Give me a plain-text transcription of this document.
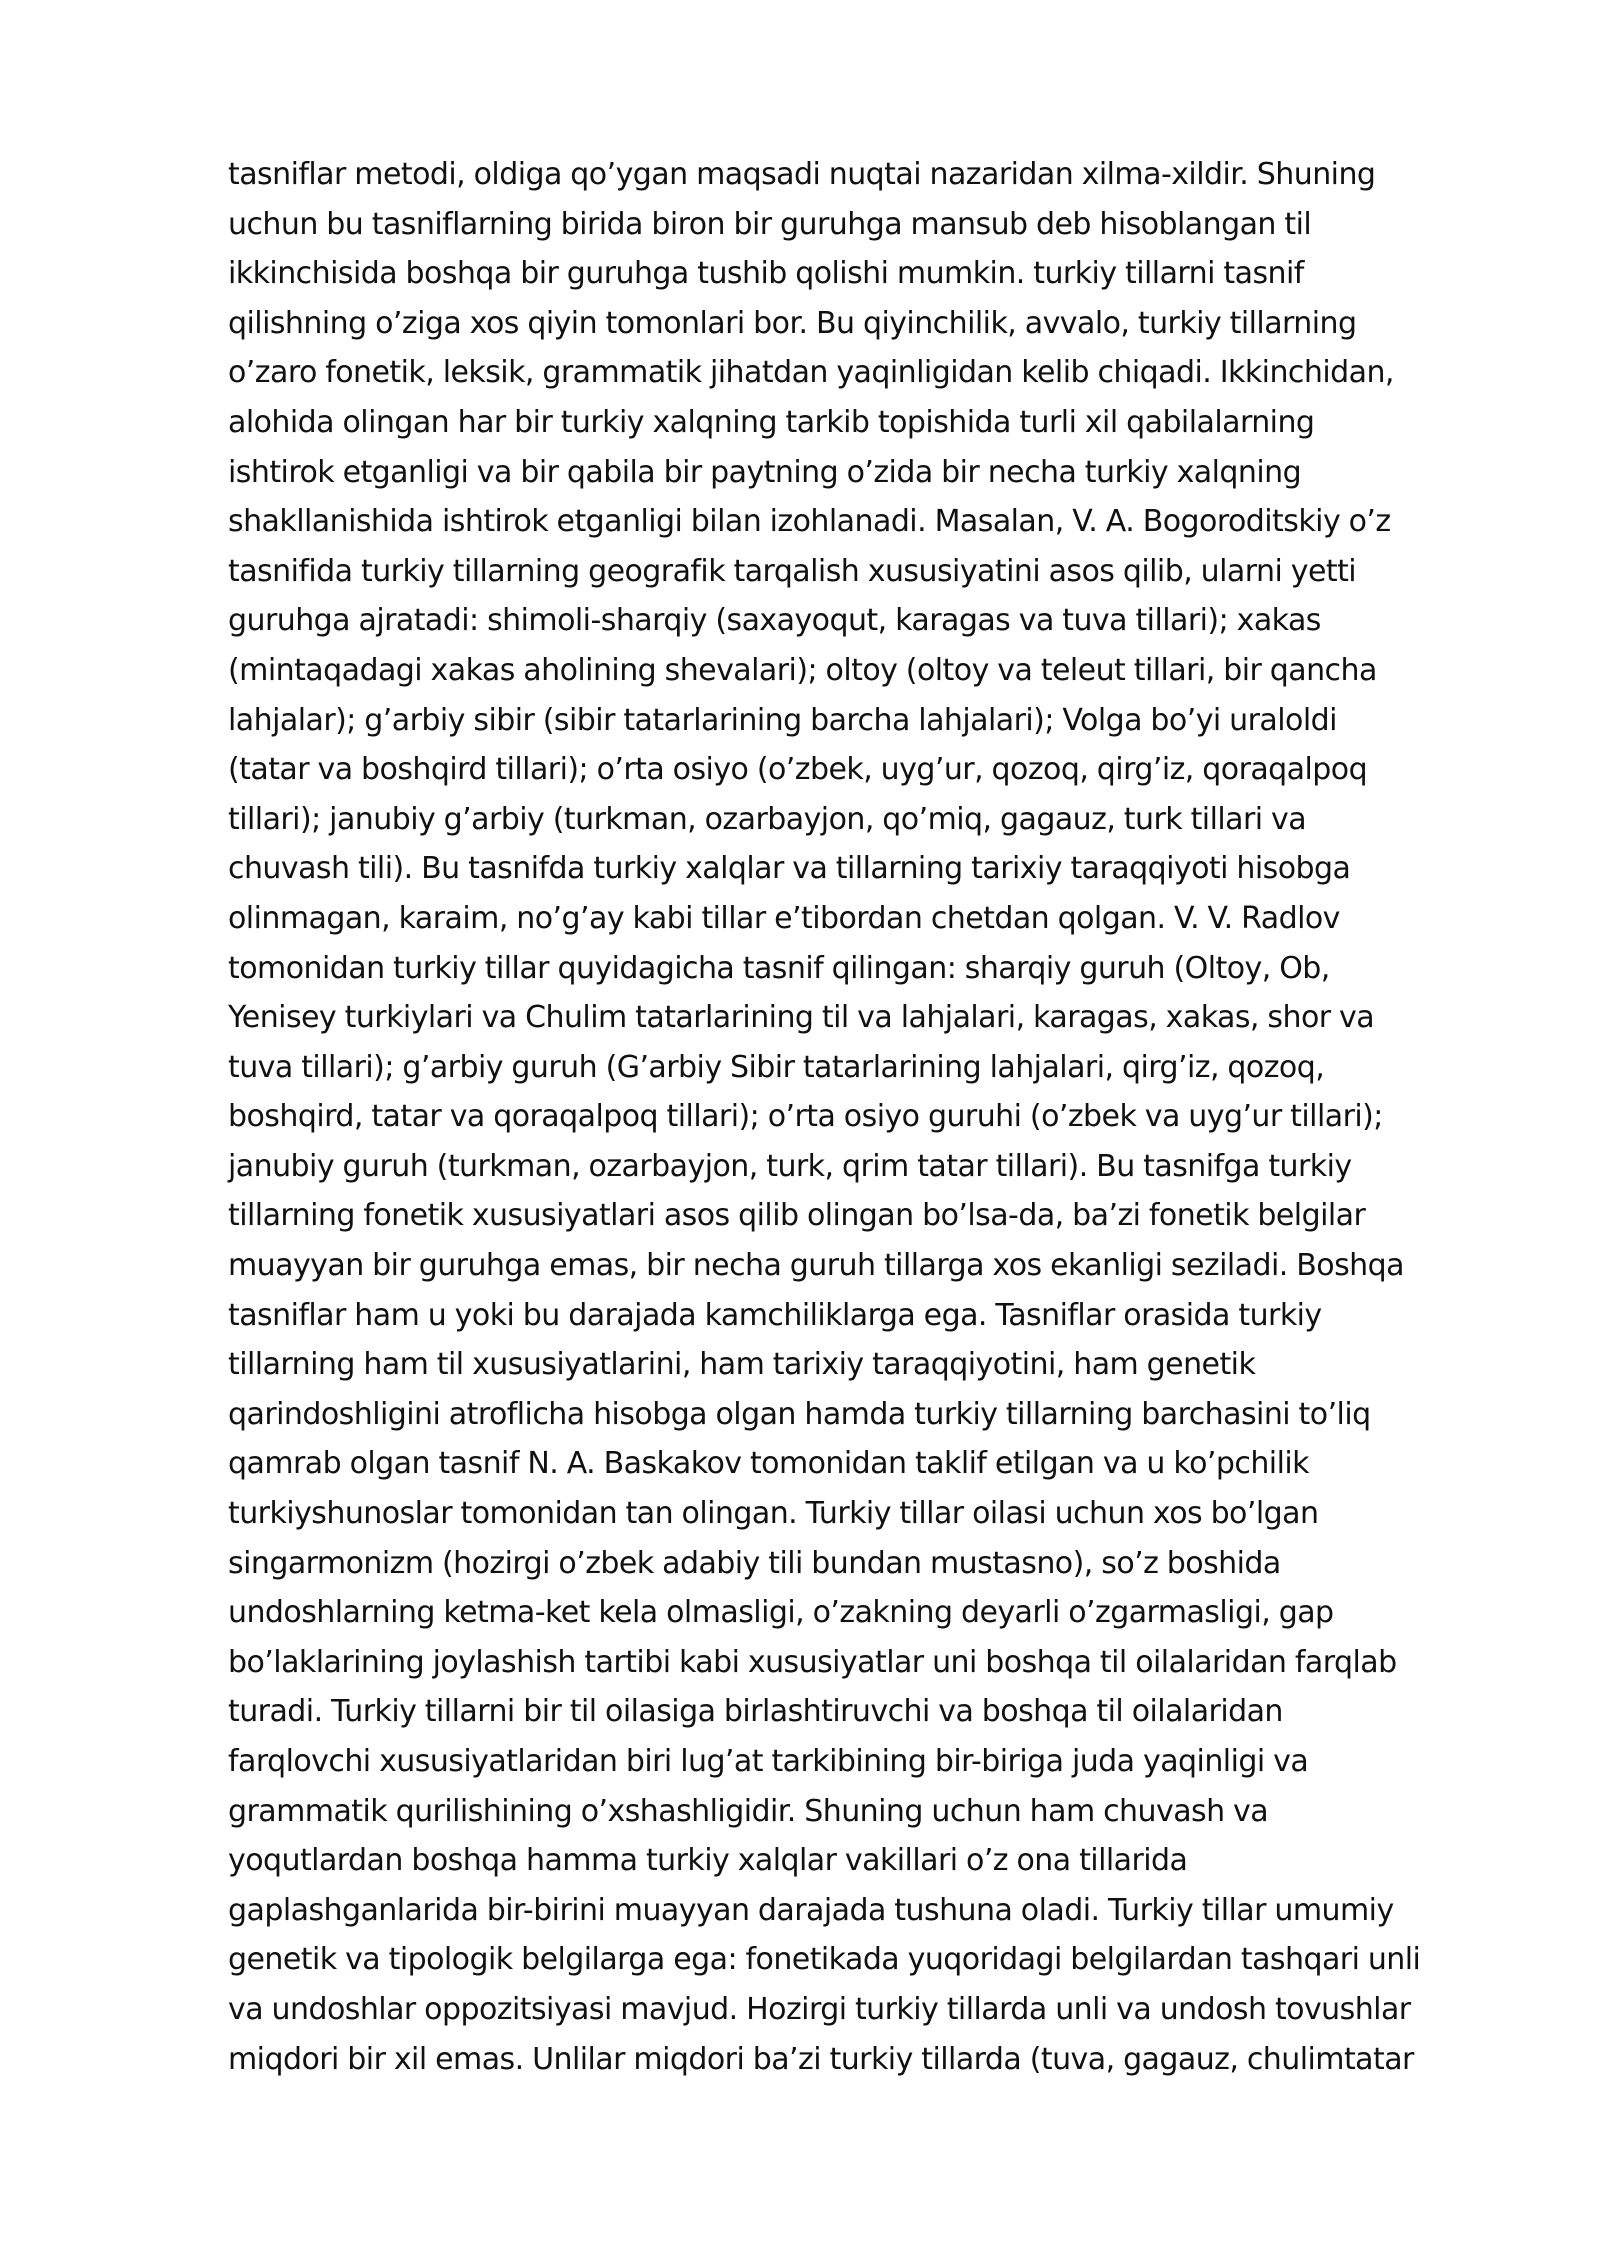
tasniflar metodi, oldiga qo’ygan maqsadi nuqtai nazaridan xilma-xildir. Shuning
uchun bu tasniflarning birida biron bir guruhga mansub deb hisoblangan til
ikkinchisida boshqa bir guruhga tushib qolishi mumkin. turkiy tillarni tasnif
qilishning o’ziga xos qiyin tomonlari bor. Bu qiyinchilik, avvalo, turkiy tillarning
o’zaro fonetik, leksik, grammatik jihatdan yaqinligidan kelib chiqadi. Ikkinchidan,
alohida olingan har bir turkiy xalqning tarkib topishida turli xil qabilalarning
ishtirok etganligi va bir qabila bir paytning o’zida bir necha turkiy xalqning
shakllanishida ishtirok etganligi bilan izohlanadi. Masalan, V. A. Bogoroditskiy o’z
tasnifida turkiy tillarning geografik tarqalish xususiyatini asos qilib, ularni yetti
guruhga ajratadi: shimoli-sharqiy (saxayoqut, karagas va tuva tillari); xakas
(mintaqadagi xakas aholining shevalari); oltoy (oltoy va teleut tillari, bir qancha
lahjalar); g’arbiy sibir (sibir tatarlarining barcha lahjalari); Volga bo’yi uraloldi
(tatar va boshqird tillari); o’rta osiyo (o’zbek, uyg’ur, qozoq, qirg’iz, qoraqalpoq
tillari); janubiy g’arbiy (turkman, ozarbayjon, qo’miq, gagauz, turk tillari va
chuvash tili). Bu tasnifda turkiy xalqlar va tillarning tarixiy taraqqiyoti hisobga
olinmagan, karaim, no’g’ay kabi tillar e’tibordan chetdan qolgan. V. V. Radlov
tomonidan turkiy tillar quyidagicha tasnif qilingan: sharqiy guruh (Oltoy, Ob,
Yenisey turkiylari va Chulim tatarlarining til va lahjalari, karagas, xakas, shor va
tuva tillari); g’arbiy guruh (G’arbiy Sibir tatarlarining lahjalari, qirg’iz, qozoq,
boshqird, tatar va qoraqalpoq tillari); o’rta osiyo guruhi (o’zbek va uyg’ur tillari);
janubiy guruh (turkman, ozarbayjon, turk, qrim tatar tillari). Bu tasnifga turkiy
tillarning fonetik xususiyatlari asos qilib olingan bo’lsa-da, ba’zi fonetik belgilar
muayyan bir guruhga emas, bir necha guruh tillarga xos ekanligi seziladi. Boshqa
tasniflar ham u yoki bu darajada kamchiliklarga ega. Tasniflar orasida turkiy
tillarning ham til xususiyatlarini, ham tarixiy taraqqiyotini, ham genetik
qarindoshligini atroflicha hisobga olgan hamda turkiy tillarning barchasini to’liq
qamrab olgan tasnif N. A. Baskakov tomonidan taklif etilgan va u ko’pchilik
turkiyshunoslar tomonidan tan olingan. Turkiy tillar oilasi uchun xos bo’lgan
singarmonizm (hozirgi o’zbek adabiy tili bundan mustasno), so’z boshida
undoshlarning ketma-ket kela olmasligi, o’zakning deyarli o’zgarmasligi, gap
bo’laklarining joylashish tartibi kabi xususiyatlar uni boshqa til oilalaridan farqlab
turadi. Turkiy tillarni bir til oilasiga birlashtiruvchi va boshqa til oilalaridan
farqlovchi xususiyatlaridan biri lug’at tarkibining bir-biriga juda yaqinligi va
grammatik qurilishining o’xshashligidir. Shuning uchun ham chuvash va
yoqutlardan boshqa hamma turkiy xalqlar vakillari o’z ona tillarida
gaplashganlarida bir-birini muayyan darajada tushuna oladi. Turkiy tillar umumiy
genetik va tipologik belgilarga ega: fonetikada yuqoridagi belgilardan tashqari unli
va undoshlar oppozitsiyasi mavjud. Hozirgi turkiy tillarda unli va undosh tovushlar
miqdori bir xil emas. Unlilar miqdori ba’zi turkiy tillarda (tuva, gagauz, chulimtatar
